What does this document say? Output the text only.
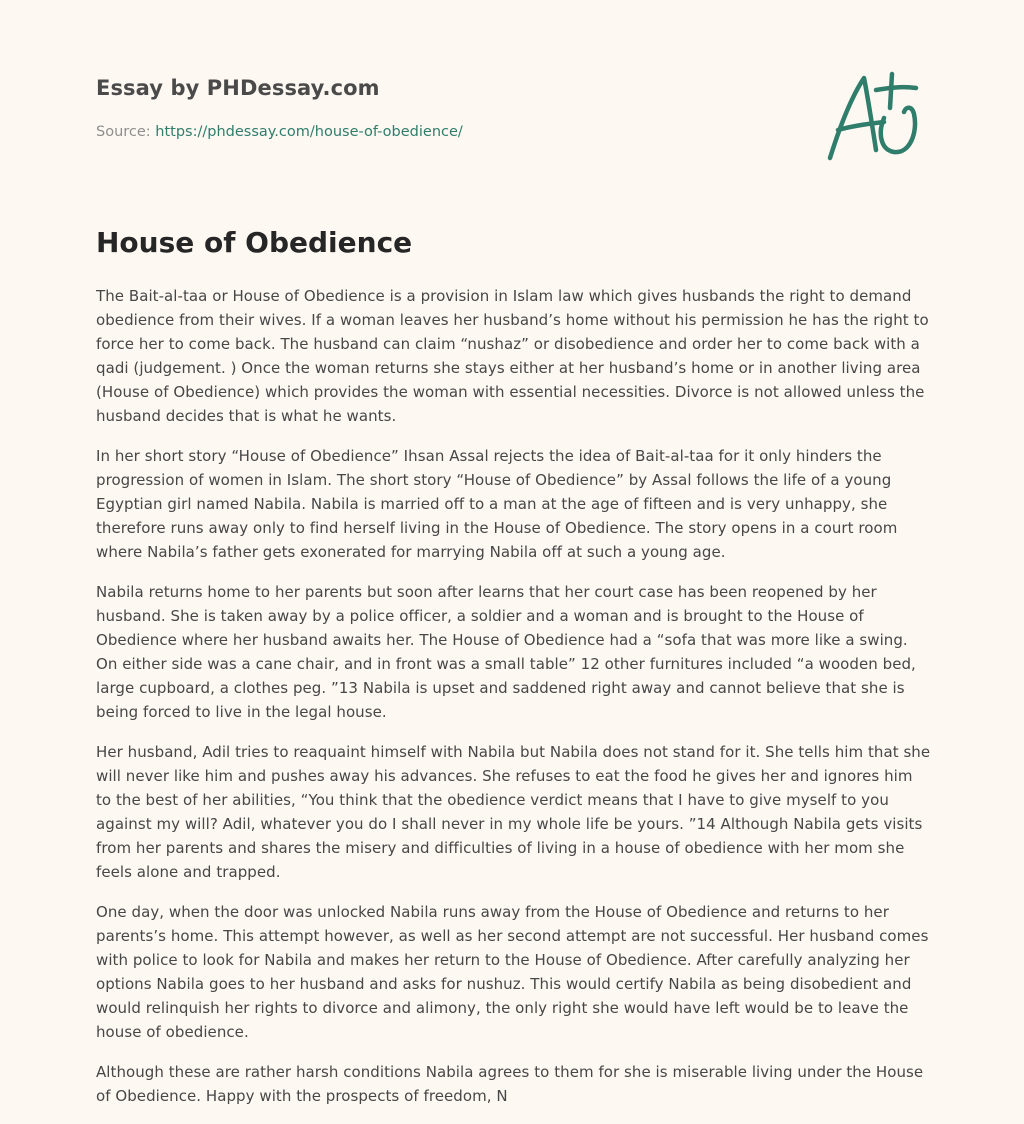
Essay by PHDessay.com
Source: https://phdessay.com/house-of-obedience/
House of Obedience

The Bait-al-taa or House of Obedience is a provision in Islam law which gives husbands the right to demand obedience from their wives. If a woman leaves her husband’s home without his permission he has the right to force her to come back. The husband can claim “nushaz” or disobedience and order her to come back with a qadi (judgement. ) Once the woman returns she stays either at her husband’s home or in another living area (House of Obedience) which provides the woman with essential necessities. Divorce is not allowed unless the husband decides that is what he wants.

In her short story “House of Obedience” Ihsan Assal rejects the idea of Bait-al-taa for it only hinders the progression of women in Islam. The short story “House of Obedience” by Assal follows the life of a young Egyptian girl named Nabila. Nabila is married off to a man at the age of fifteen and is very unhappy, she therefore runs away only to find herself living in the House of Obedience. The story opens in a court room where Nabila’s father gets exonerated for marrying Nabila off at such a young age.

Nabila returns home to her parents but soon after learns that her court case has been reopened by her husband. She is taken away by a police officer, a soldier and a woman and is brought to the House of Obedience where her husband awaits her. The House of Obedience had a “sofa that was more like a swing. On either side was a cane chair, and in front was a small table” 12 other furnitures included “a wooden bed, large cupboard, a clothes peg. ”13 Nabila is upset and saddened right away and cannot believe that she is being forced to live in the legal house.

Her husband, Adil tries to reaquaint himself with Nabila but Nabila does not stand for it. She tells him that she will never like him and pushes away his advances. She refuses to eat the food he gives her and ignores him to the best of her abilities, “You think that the obedience verdict means that I have to give myself to you against my will? Adil, whatever you do I shall never in my whole life be yours. ”14 Although Nabila gets visits from her parents and shares the misery and difficulties of living in a house of obedience with her mom she feels alone and trapped.

One day, when the door was unlocked Nabila runs away from the House of Obedience and returns to her parents’s home. This attempt however, as well as her second attempt are not successful. Her husband comes with police to look for Nabila and makes her return to the House of Obedience. After carefully analyzing her options Nabila goes to her husband and asks for nushuz. This would certify Nabila as being disobedient and would relinquish her rights to divorce and alimony, the only right she would have left would be to leave the house of obedience.

Although these are rather harsh conditions Nabila agrees to them for she is miserable living under the House of Obedience. Happy with the prospects of freedom, N
